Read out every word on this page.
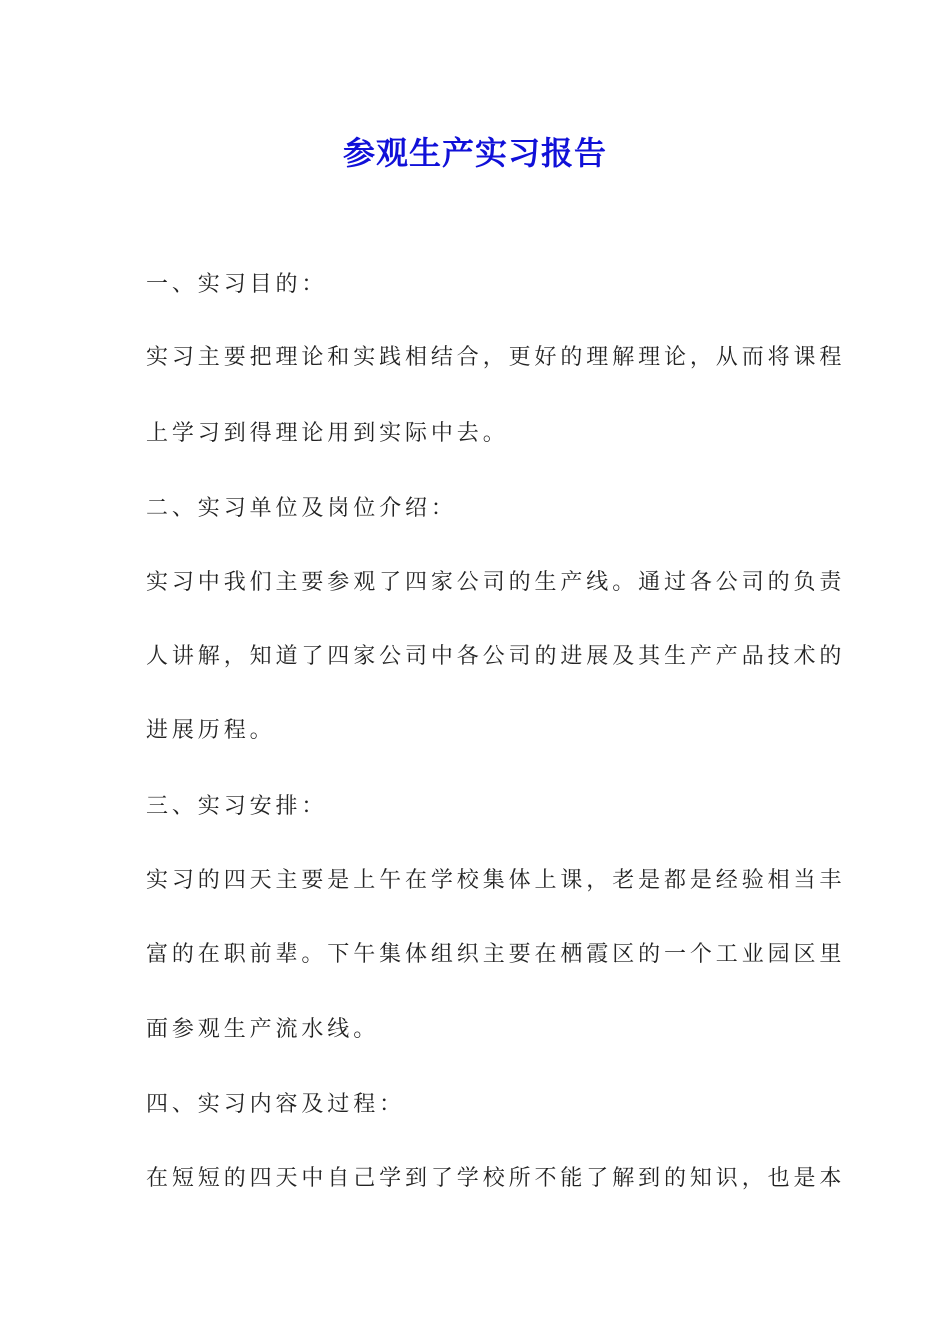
参观生产实习报告
一、实习目的：
实习主要把理论和实践相结合，更好的理解理论，从而将课程
上学习到得理论用到实际中去。
二、实习单位及岗位介绍：
实习中我们主要参观了四家公司的生产线。通过各公司的负责
人讲解，知道了四家公司中各公司的进展及其生产产品技术的
进展历程。
三、实习安排：
实习的四天主要是上午在学校集体上课，老是都是经验相当丰
富的在职前辈。下午集体组织主要在栖霞区的一个工业园区里
面参观生产流水线。
四、实习内容及过程：
在短短的四天中自己学到了学校所不能了解到的知识，也是本
